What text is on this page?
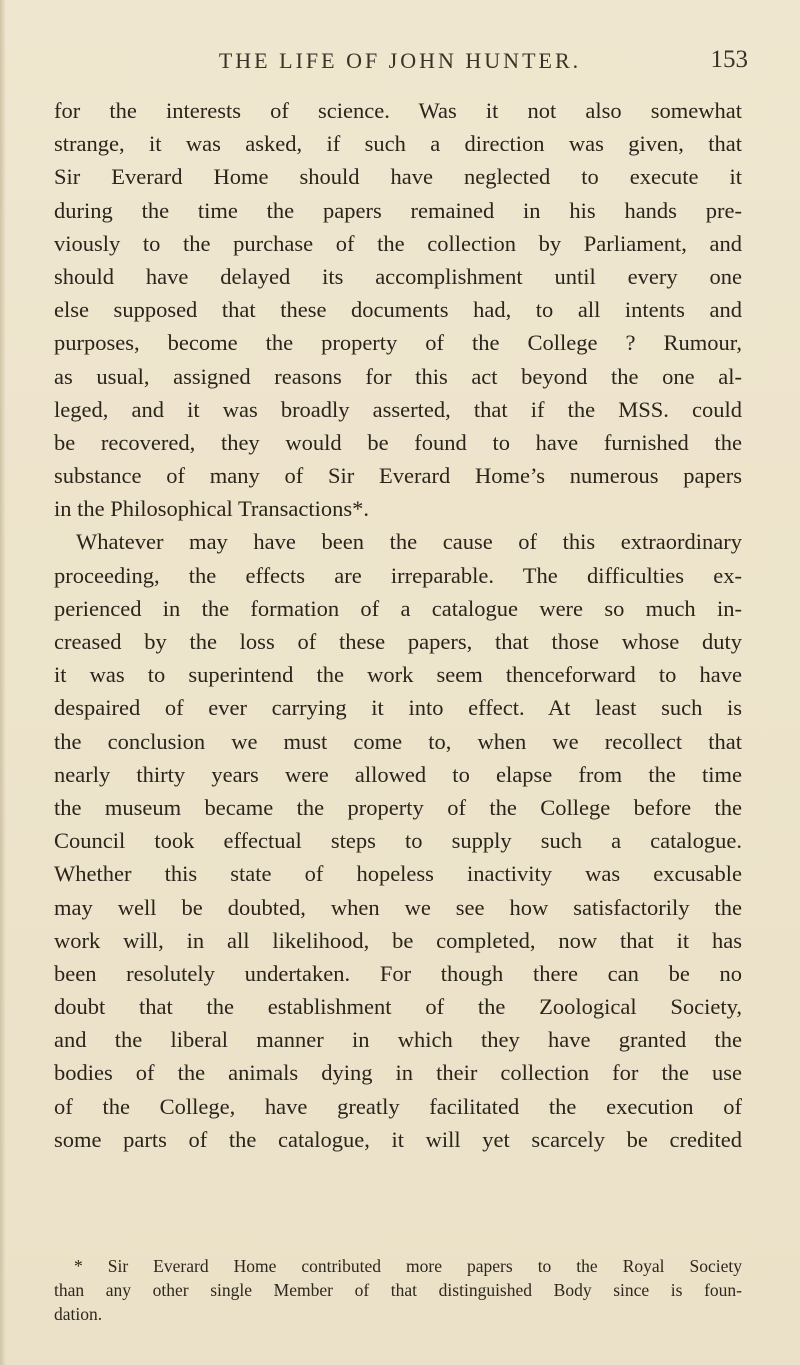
THE LIFE OF JOHN HUNTER.	153
for the interests of science. Was it not also somewhat
strange, it was asked, if such a direction was given, that
Sir Everard Home should have neglected to execute it
during the time the papers remained in his hands pre-
viously to the purchase of the collection by Parliament, and
should have delayed its accomplishment until every one
else supposed that these documents had, to all intents and
purposes, become the property of the College ? Rumour,
as usual, assigned reasons for this act beyond the one al-
leged, and it was broadly asserted, that if the MSS. could
be recovered, they would be found to have furnished the
substance of many of Sir Everard Home’s numerous papers
in the Philosophical Transactions*.
Whatever may have been the cause of this extraordinary
proceeding, the effects are irreparable. The difficulties ex-
perienced in the formation of a catalogue were so much in-
creased by the loss of these papers, that those whose duty
it was to superintend the work seem thenceforward to have
despaired of ever carrying it into effect. At least such is
the conclusion we must come to, when we recollect that
nearly thirty years were allowed to elapse from the time
the museum became the property of the College before the
Council took effectual steps to supply such a catalogue.
Whether this state of hopeless inactivity was excusable
may well be doubted, when we see how satisfactorily the
work will, in all likelihood, be completed, now that it has
been resolutely undertaken. For though there can be no
doubt that the establishment of the Zoological Society,
and the liberal manner in which they have granted the
bodies of the animals dying in their collection for the use
of the College, have greatly facilitated the execution of
some parts of the catalogue, it will yet scarcely be credited
* Sir Everard Home contributed more papers to the Royal Society
than any other single Member of that distinguished Body since is foun-
dation.
